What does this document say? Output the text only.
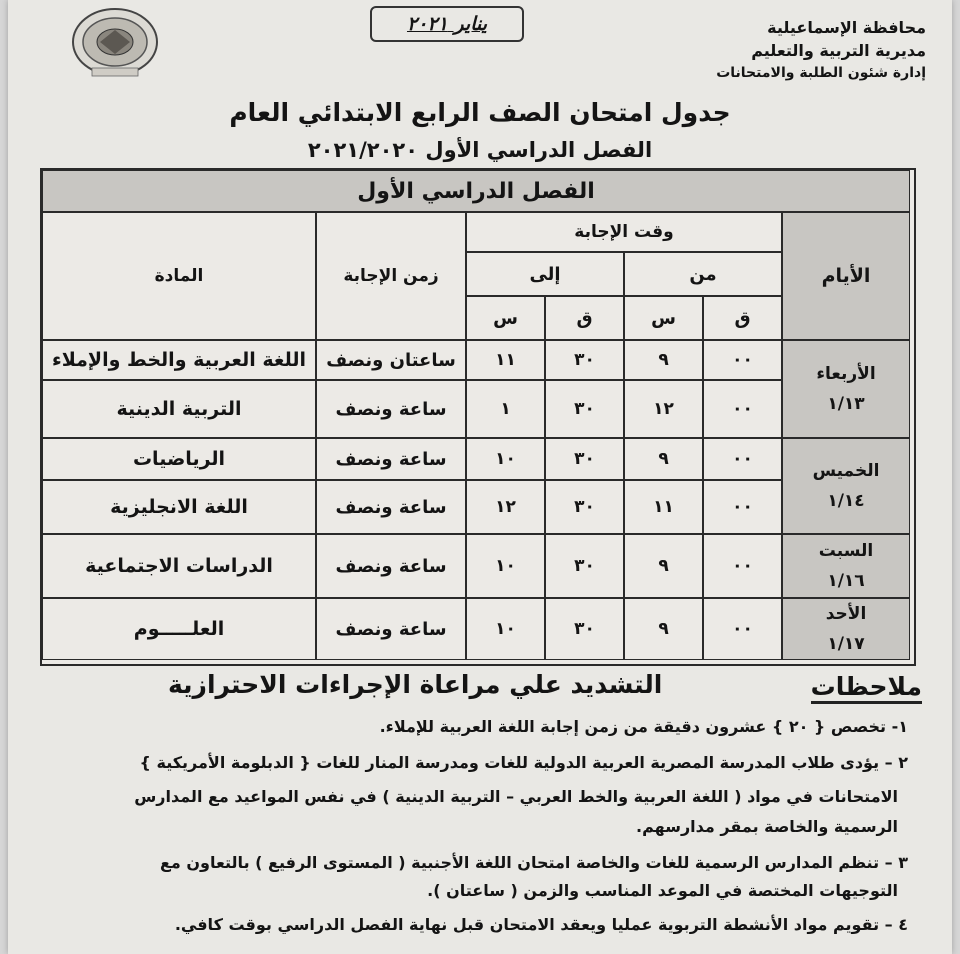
محافظة الإسماعيلية
مديرية التربية والتعليم
إدارة شئون الطلبة والامتحانات
يناير ٢٠٢١
جدول امتحان الصف الرابع الابتدائي العام
الفصل الدراسي الأول ٢٠٢١/٢٠٢٠
الفصل الدراسي الأول
الأيام
وقت الإجابة
من
إلى
ق
س
ق
س
زمن الإجابة
المادة
الأربعاء
١/١٣
الخميس
١/١٤
السبت
١/١٦
الأحد
١/١٧
٠٠
٩
٣٠
١١
ساعتان ونصف
اللغة العربية والخط والإملاء
٠٠
١٢
٣٠
١
ساعة ونصف
التربية الدينية
٠٠
٩
٣٠
١٠
ساعة ونصف
الرياضيات
٠٠
١١
٣٠
١٢
ساعة ونصف
اللغة الانجليزية
٠٠
٩
٣٠
١٠
ساعة ونصف
الدراسات الاجتماعية
٠٠
٩
٣٠
١٠
ساعة ونصف
العلـــــوم
ملاحظات
التشديد علي مراعاة الإجراءات الاحترازية
١- تخصص { ٢٠ } عشرون دقيقة من زمن إجابة اللغة العربية للإملاء.
٢ – يؤدى طلاب المدرسة المصرية العربية الدولية للغات ومدرسة المنار للغات { الدبلومة الأمريكية }
الامتحانات في مواد ( اللغة العربية والخط العربي – التربية الدينية ) في نفس المواعيد مع المدارس
الرسمية والخاصة بمقر مدارسهم.
٣ – تنظم المدارس الرسمية للغات والخاصة امتحان اللغة الأجنبية ( المستوى الرفيع ) بالتعاون مع
التوجيهات المختصة في الموعد المناسب والزمن ( ساعتان ).
٤ – تقويم مواد الأنشطة التربوية عمليا ويعقد الامتحان قبل نهاية الفصل الدراسي بوقت كافي.
